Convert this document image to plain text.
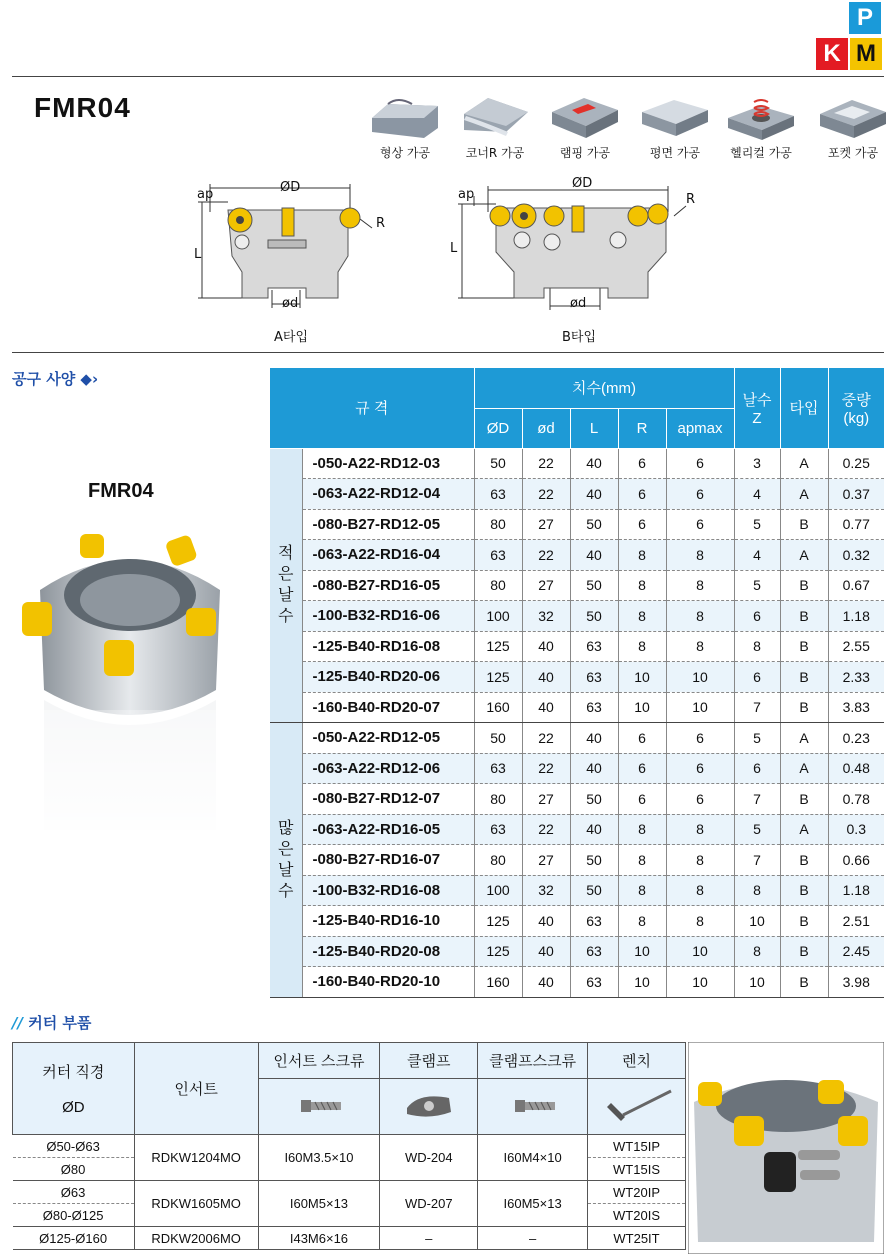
P
K M
FMR04
형상 가공	코너R 가공	램핑 가공	평면 가공	헬리컬 가공	포켓 가공
ap	ØD
L
R
ød
A타입
ap
ØD
L
R
ød
B타입
공구 사양 ◆›
FMR04
규 격		치수(mm)					날수
Z	타입	중량
(kg)
		ØD	ød	L	R	apmax			

적
은
날
수	-050-A22-RD12-03	50	22	40	6	6	3	A	0.25
	-063-A22-RD12-04	63	22	40	6	6	4	A	0.37
	-080-B27-RD12-05	80	27	50	6	6	5	B	0.77
	-063-A22-RD16-04	63	22	40	8	8	4	A	0.32
	-080-B27-RD16-05	80	27	50	8	8	5	B	0.67
	-100-B32-RD16-06	100	32	50	8	8	6	B	1.18
	-125-B40-RD16-08	125	40	63	8	8	8	B	2.55
	-125-B40-RD20-06	125	40	63	10	10	6	B	2.33
	-160-B40-RD20-07	160	40	63	10	10	7	B	3.83

많
은
날
수	-050-A22-RD12-05	50	22	40	6	6	5	A	0.23
	-063-A22-RD12-06	63	22	40	6	6	6	A	0.48
	-080-B27-RD12-07	80	27	50	6	6	7	B	0.78
	-063-A22-RD16-05	63	22	40	8	8	5	A	0.3
	-080-B27-RD16-07	80	27	50	8	8	7	B	0.66
	-100-B32-RD16-08	100	32	50	8	8	8	B	1.18
	-125-B40-RD16-10	125	40	63	8	8	10	B	2.51
	-125-B40-RD20-08	125	40	63	10	10	8	B	2.45
	-160-B40-RD20-10	160	40	63	10	10	10	B	3.98
// 커터 부품
커터 직경

ØD	인서트	인서트 스크류	클램프	클램프스크류	렌치

Ø50-Ø63	RDKW1204MO	I60M3.5×10	WD-204	I60M4×10	WT15IP
Ø80					WT15IS
Ø63	RDKW1605MO	I60M5×13	WD-207	I60M5×13	WT20IP
Ø80-Ø125					WT20IS
Ø125-Ø160	RDKW2006MO	I43M6×16	–	–	WT25IT
